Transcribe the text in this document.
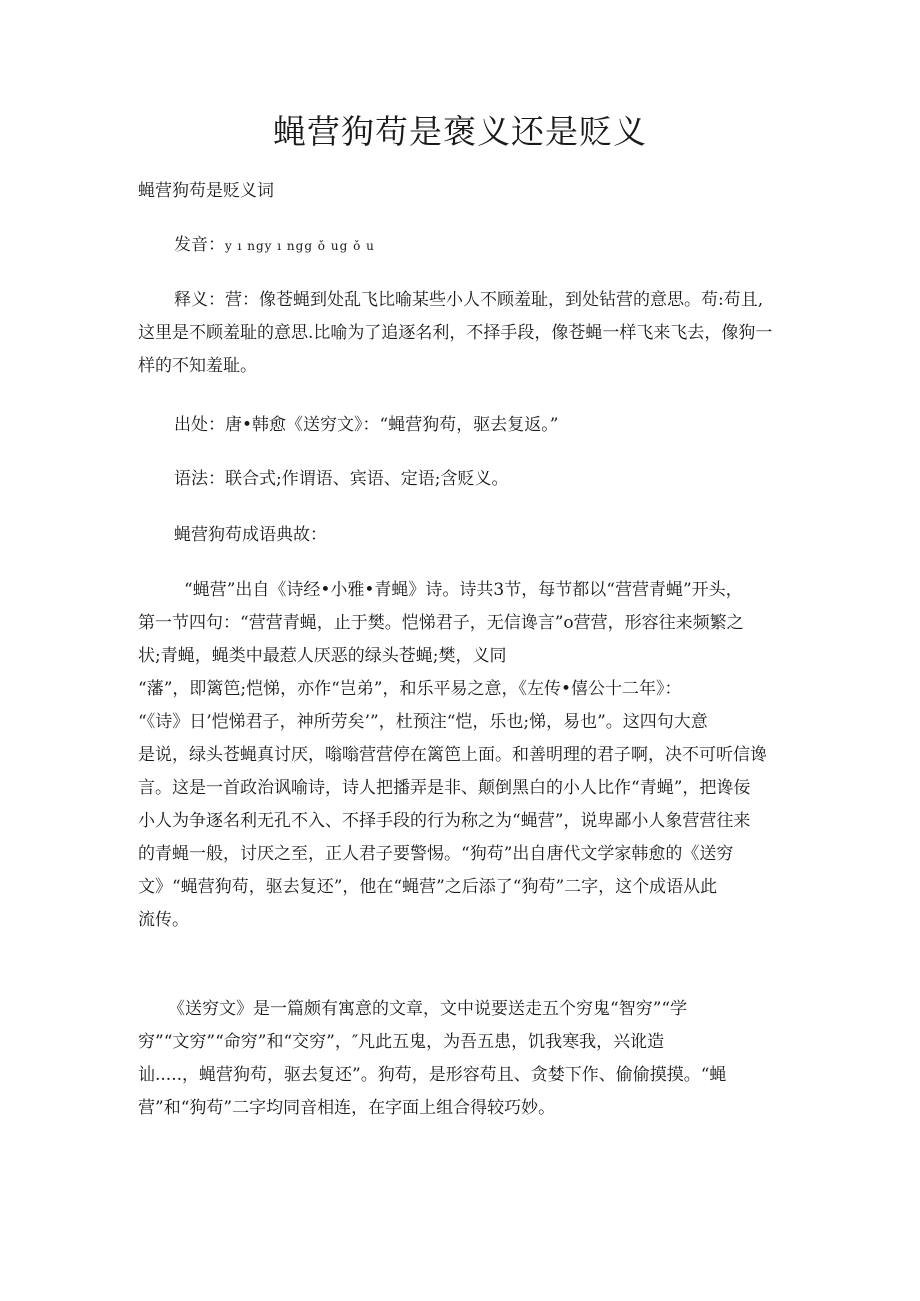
蝇营狗苟是褒义还是贬义
蝇营狗苟是贬义词
发音：y ı ngy ı ngg ǒ ug ǒ u
释义：营：像苍蝇到处乱飞比喻某些小人不顾羞耻，到处钻营的意思。苟:苟且,
这里是不顾羞耻的意思.比喻为了追逐名利，不择手段，像苍蝇一样飞来飞去，像狗一
样的不知羞耻。
出处：唐•韩愈《送穷文》：“蝇营狗苟，驱去复返。”
语法：联合式;作谓语、宾语、定语;含贬义。
蝇营狗苟成语典故：
“蝇营”出自《诗经•小雅•青蝇》诗。诗共3节，每节都以“营营青蝇”开头，
第一节四句：“营营青蝇，止于樊。恺悌君子，无信谗言”o营营，形容往来频繁之
状;青蝇，蝇类中最惹人厌恶的绿头苍蝇;樊，义同
“藩”，即篱笆;恺悌，亦作“岂弟”，和乐平易之意，《左传•僖公十二年》：
“《诗》日’恺悌君子，神所劳矣’”，杜预注“恺，乐也;悌，易也”。这四句大意
是说，绿头苍蝇真讨厌，嗡嗡营营停在篱笆上面。和善明理的君子啊，决不可听信谗
言。这是一首政治讽喻诗，诗人把播弄是非、颠倒黑白的小人比作“青蝇”，把谗佞
小人为争逐名利无孔不入、不择手段的行为称之为“蝇营”，说卑鄙小人象营营往来
的青蝇一般，讨厌之至，正人君子要警惕。“狗苟”出自唐代文学家韩愈的《送穷
文》“蝇营狗苟，驱去复还”，他在“蝇营”之后添了“狗苟”二字，这个成语从此
流传。
《送穷文》是一篇颇有寓意的文章，文中说要送走五个穷鬼“智穷”“学
穷”“文穷”“命穷”和“交穷”，″凡此五鬼，为吾五患，饥我寒我，兴讹造
讪.....，蝇营狗苟，驱去复还”。狗苟，是形容苟且、贪婪下作、偷偷摸摸。“蝇
营”和“狗苟”二字均同音相连，在字面上组合得较巧妙。
